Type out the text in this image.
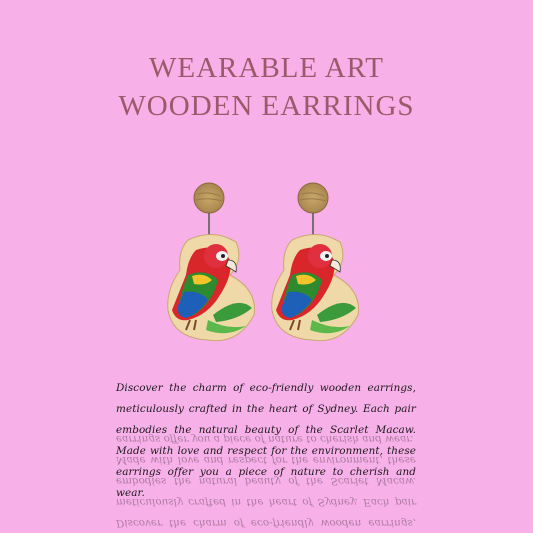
WEARABLE ART
WOODEN EARRINGS
Discover the charm of eco-friendly wooden earrings, meticulously crafted in the heart of Sydney. Each pair embodies the natural beauty of the Scarlet Macaw. Made with love and respect for the environment, these earrings offer you a piece of nature to cherish and wear.
Discover the charm of eco-friendly wooden earrings, meticulously crafted in the heart of Sydney. Each pair embodies the natural beauty of the Scarlet Macaw. Made with love and respect for the environment, these earrings offer you a piece of nature to cherish and wear.
